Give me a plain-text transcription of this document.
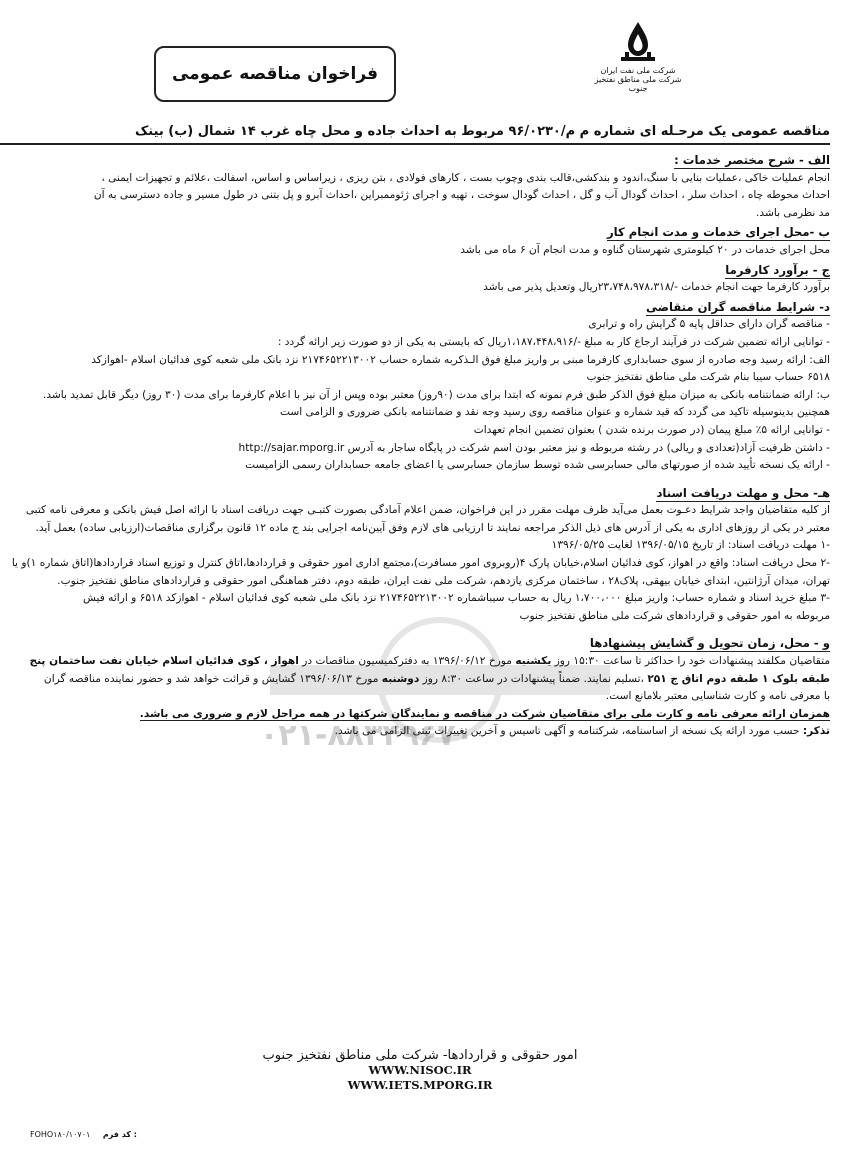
فراخوان مناقصه عمومی	شرکت ملی نفت ایران
شرکت ملی مناطق نفتخیز جنوب
مناقصه عمومی یک مرحـله ای شماره م م/۹۶/۰۲۳۰ مربوط به احداث جاده و محل چاه غرب ۱۴ شمال (ب) بینک
۰۲۱-۸۸۳۴۹۶۷۰
الف - شرح مختصر خدمات :
انجام عملیات خاکی ،عملیات بنایی با سنگ،اندود و بندکشی،قالب بندی وچوب بست ، کارهای فولادی ، بتن ریزی ، زیراساس و اساس، اسفالت ،علائم و تجهیزات ایمنی ،
احداث محوطه چاه ، احداث سلر ، احداث گودال آب و گل ، احداث گودال سوخت ، تهیه و اجرای ژئوممبراین ،احداث آبرو و پل بتنی در طول مسیر و جاده دسترسی به آن
مد نظرمی باشد.
ب -محل اجرای خدمات و مدت انجام کار
محل اجرای خدمات در ۲۰ کیلومتری شهرستان گناوه و مدت انجام آن ۶ ماه می باشد
ج - برآورد کارفرما
برآورد کارفرما جهت انجام خدمات -/۲۳،۷۴۸،۹۷۸،۳۱۸ریال وتعدیل پذیر می باشد
د- شرایط مناقصه گران متقاضی
- مناقصه گران دارای حداقل پایه ۵ گرایش راه و ترابری
- توانایی ارائه تضمین شرکت در فرآیند ارجاع کار به مبلغ -/۱،۱۸۷،۴۴۸،۹۱۶ریال که بایستی به یکی از دو صورت زیر ارائه گردد :
الف: ارائه رسید وجه صادره از سوی حسابداری کارفرما مبنی بر واریز مبلغ فوق الـذکربه شماره حساب ۲۱۷۴۶۵۲۲۱۳۰۰۲ نزد بانک ملی شعبه کوی فدائیان اسلام -اهوازکد
۶۵۱۸ حساب سیبا بنام شرکت ملی مناطق نفتخیز جنوب
ب: ارائه ضمانتنامه بانکی به میزان مبلغ فوق الذکر طبق فرم نمونه که ابتدا برای مدت (۹۰روز) معتبر بوده وپس از آن نیز با اعلام کارفرما برای مدت (۳۰ روز) دیگر قابل تمدید باشد.
همچنین بدینوسیله تاکید می گردد که قید شماره و عنوان مناقصه روی رسید وجه نقد و ضمانتنامه بانکی ضروری و الزامی است
- توانایی ارائه ۵٪ مبلغ پیمان (در صورت برنده شدن ) بعنوان تضمین انجام تعهدات
- داشتن ظرفیت آزاد(تعدادی و ریالی) در رشته مربوطه و نیز معتبر بودن اسم شرکت در پایگاه ساجار به آدرس http://sajar.mporg.ir
- ارائه یک نسخه تأیید شده از صورتهای مالی حسابرسی شده توسط سازمان حسابرسی یا اعضای جامعه حسابداران رسمی الزامیست
هـ- محل و مهلت دریافت اسناد
از کلیه متقاضیان واجد شرایط دعـوت بعمل می‌آید ظرف مهلت مقرر در این فراخوان، ضمن اعلام آمادگی بصورت کتبـی جهت دریافت اسناد با ارائه اصل فیش بانکی و معرفی نامه کتبی
معتبر در یکی از روزهای اداری به یکی از آدرس های ذیل الذکر مراجعه نمایند تا ارزیابی های لازم وفق آیین‌نامه اجرایی بند ج ماده ۱۲ قانون برگزاری مناقصات(ارزیابی ساده) بعمل آید.
-۱ مهلت دریافت اسناد: از تاریخ ۱۳۹۶/۰۵/۱۵ لغایت ۱۳۹۶/۰۵/۲۵
-۲ محل دریافت اسناد: واقع در اهواز، کوی فدائیان اسلام،خیابان پارک ۴(روبروی امور مسافرت)،مجتمع اداری امور حقوقی و قراردادها،اتاق کنترل و توزیع اسناد قراردادها(اتاق شماره ۱)و یا
تهران، میدان آرژانتین، ابتدای خیابان بیهقی، پلاک۲۸ ، ساختمان مرکزی یازدهم، شرکت ملی نفت ایران، طبقه دوم، دفتر هماهنگی امور حقوقی و قراردادهای مناطق نفتخیز جنوب.
-۳ مبلغ خرید اسناد و شماره حساب: واریز مبلغ ۱،۷۰۰،۰۰۰ ریال به حساب سیباشماره ۲۱۷۴۶۵۲۲۱۳۰۰۲ نزد بانک ملی شعبه کوی فدائیان اسلام - اهوازکد ۶۵۱۸ و ارائه فیش
مربوطه به امور حقوقی و قراردادهای شرکت ملی مناطق نفتخیز جنوب
و - محل، زمان تحویل و گشایش پیشنهادها
متقاضیان مکلفند پیشنهادات خود را حداکثر تا ساعت ۱۵:۳۰ روز یکشنبه مورخ ۱۳۹۶/۰۶/۱۲ به دفترکمیسیون مناقصات در اهواز ، کوی فدائیان اسلام خیابان نفت ساختمان پنج
طبقه بلوک ۱ طبقه دوم اتاق ج ۲۵۱ ،تسلیم نمایند. ضمناً پیشنهادات در ساعت ۸:۳۰ روز دوشنبه مورخ ۱۳۹۶/۰۶/۱۳ گشایش و قرائت خواهد شد و حضور نماینده مناقصه گران
با معرفی نامه و کارت شناسایی معتبر بلامانع است.
همزمان ارائه معرفی نامه و کارت ملی برای متقاضیان شرکت در مناقصه و نمایندگان شرکتها در همه مراحل لازم و ضروری می باشد.
تذکر: حسب مورد ارائه یک نسخه از اساسنامه، شرکتنامه و آگهی تاسیس و آخرین تغییرات ثبتی الزامی می باشد.
امور حقوقی و قراردادها- شرکت ملی مناطق نفتخیز جنوب
WWW.NISOC.IR
WWW.IETS.MPORG.IR
FOHO۱۸۰/۱۰۷۰۱ کد فرم :
